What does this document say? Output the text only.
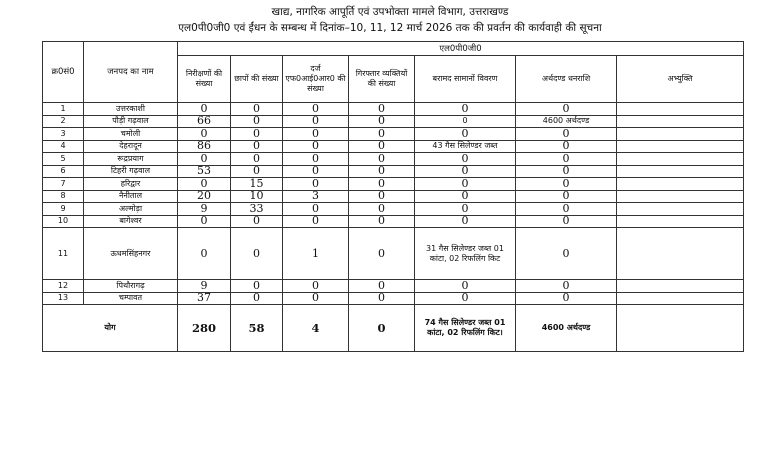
खाद्य, नागरिक आपूर्ति एवं उपभोक्ता मामले विभाग, उत्तराखण्ड
एल0पी0जी0 एवं ईंधन के सम्बन्ध में दिनांक–10, 11, 12 मार्च 2026 तक की प्रवर्तन की कार्यवाही की सूचना
क्र0सं0	जनपद का नाम	एल0पी0जी0						
		निरीक्षणों की संख्या	छापों की संख्या	दर्ज एफ0आई0आर0 की संख्या	गिरफ्तार व्यक्तियों की संख्या	बरामद सामानों विवरण	अर्थदण्ड धनराशि	अभ्युक्ति
1	उत्तरकाशी	0	0	0	0	0	0	
2	पौड़ी गढ़वाल	66	0	0	0	0	4600 अर्थदण्ड	
3	चमोली	0	0	0	0	0	0	
4	देहरादून	86	0	0	0	43 गैस सिलेण्डर जब्त	0	
5	रूद्रप्रयाग	0	0	0	0	0	0	
6	टिहरी गढ़वाल	53	0	0	0	0	0	
7	हरिद्वार	0	15	0	0	0	0	
8	नैनीताल	20	10	3	0	0	0	
9	अल्मोड़ा	9	33	0	0	0	0	
10	बागेश्वर	0	0	0	0	0	0	
11	ऊधमसिंहनगर	0	0	1	0	31 गैस सिलेण्डर जब्त 01 कांटा, 02 रिफलिंग किट	0	
12	पिथौरागढ़	9	0	0	0	0	0	
13	चम्पावत	37	0	0	0	0	0	
योग		280	58	4	0	74 गैस सिलेण्डर जब्त 01 कांटा, 02 रिफलिंग किट।	4600 अर्थदण्ड	
